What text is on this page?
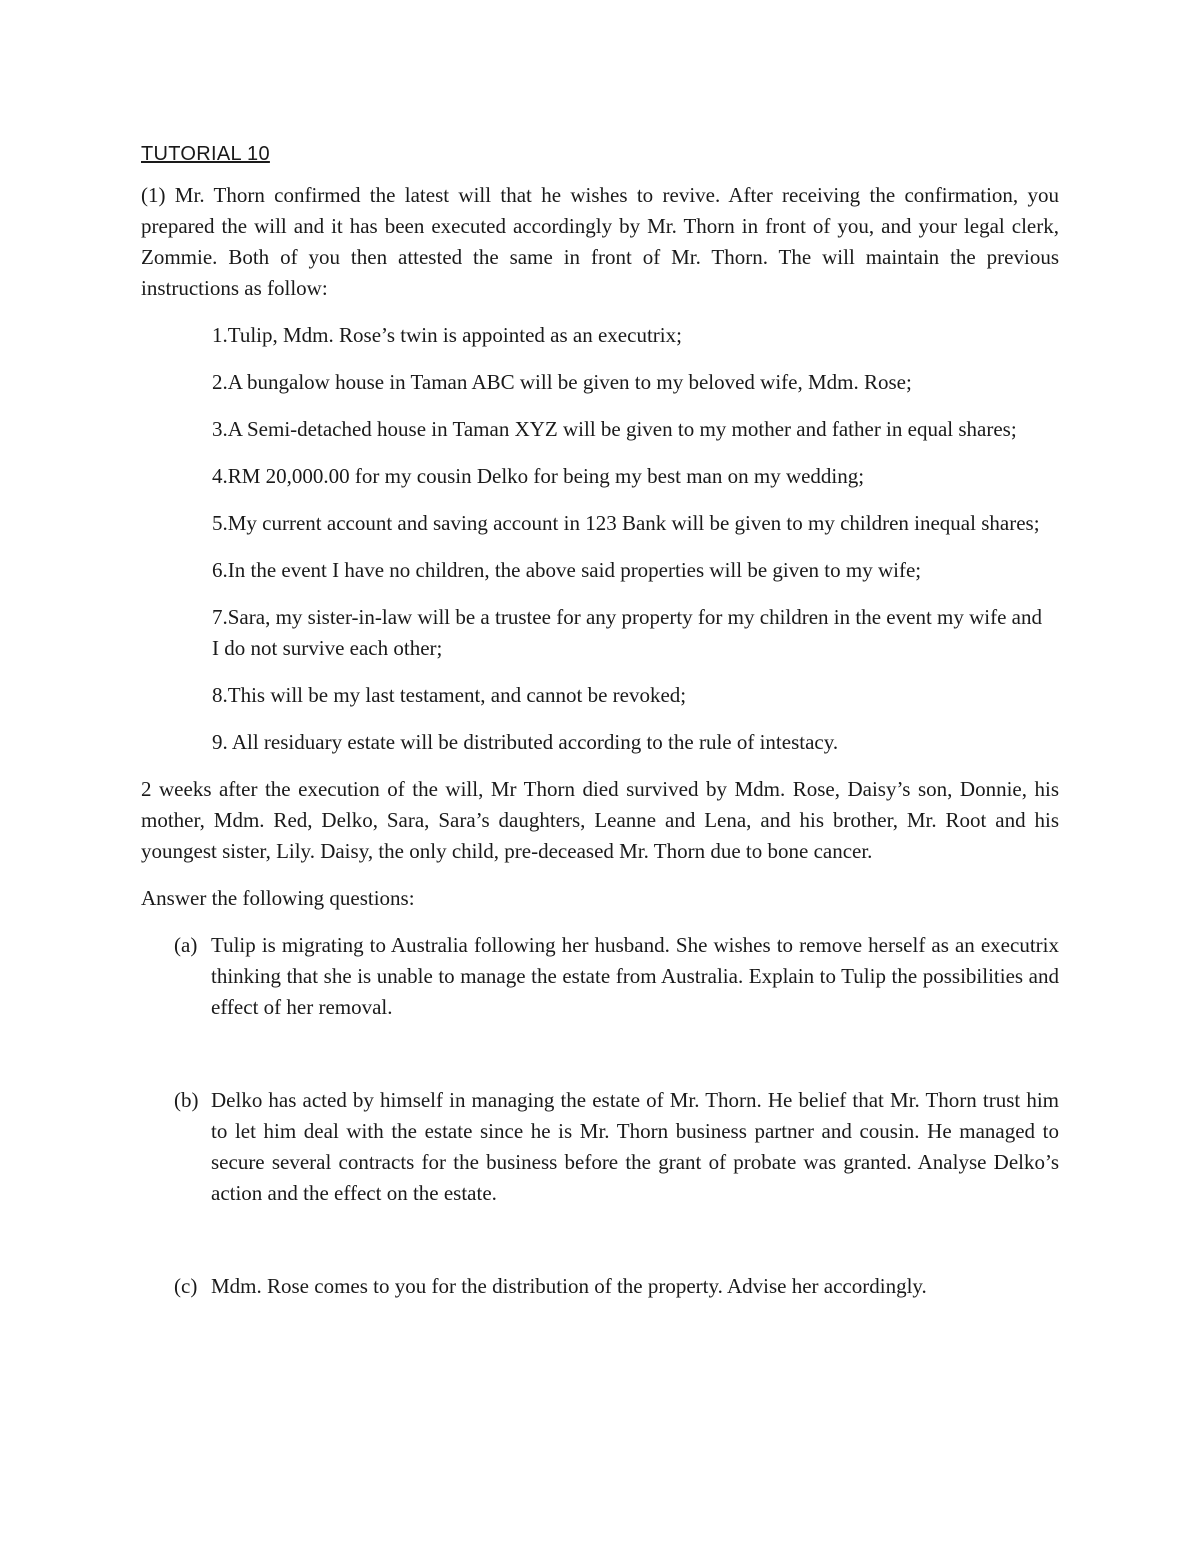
TUTORIAL 10

(1) Mr. Thorn confirmed the latest will that he wishes to revive. After receiving the confirmation, you prepared the will and it has been executed accordingly by Mr. Thorn in front of you, and your legal clerk, Zommie. Both of you then attested the same in front of Mr. Thorn. The will maintain the previous instructions as follow:

1.Tulip, Mdm. Rose’s twin is appointed as an executrix;
2.A bungalow house in Taman ABC will be given to my beloved wife, Mdm. Rose;
3.A Semi-detached house in Taman XYZ will be given to my mother and father in equal shares;
4.RM 20,000.00 for my cousin Delko for being my best man on my wedding;
5.My current account and saving account in 123 Bank will be given to my children inequal shares;
6.In the event I have no children, the above said properties will be given to my wife;
7.Sara, my sister-in-law will be a trustee for any property for my children in the event my wife and I do not survive each other;
8.This will be my last testament, and cannot be revoked;
9. All residuary estate will be distributed according to the rule of intestacy.

2 weeks after the execution of the will, Mr Thorn died survived by Mdm. Rose, Daisy’s son, Donnie, his mother, Mdm. Red, Delko, Sara, Sara’s daughters, Leanne and Lena, and his brother, Mr. Root and his youngest sister, Lily. Daisy, the only child, pre-deceased Mr. Thorn due to bone cancer.

Answer the following questions:

(a) Tulip is migrating to Australia following her husband. She wishes to remove herself as an executrix thinking that she is unable to manage the estate from Australia. Explain to Tulip the possibilities and effect of her removal.
(b) Delko has acted by himself in managing the estate of Mr. Thorn. He belief that Mr. Thorn trust him to let him deal with the estate since he is Mr. Thorn business partner and cousin. He managed to secure several contracts for the business before the grant of probate was granted. Analyse Delko’s action and the effect on the estate.
(c) Mdm. Rose comes to you for the distribution of the property. Advise her accordingly.
